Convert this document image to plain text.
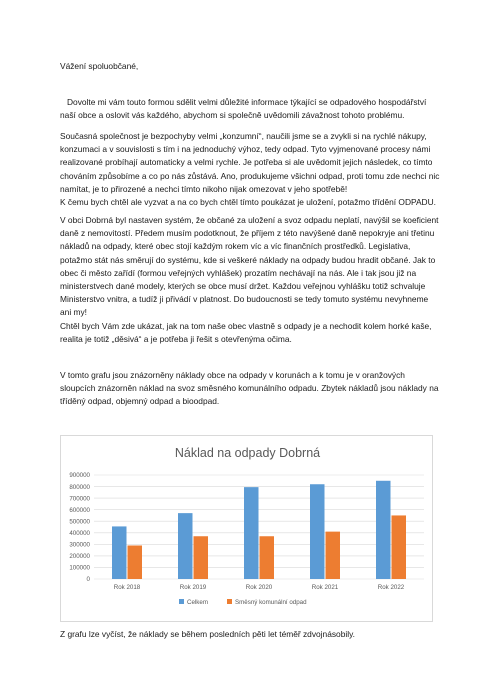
Vážení spoluobčané,

Dovolte mi vám touto formou sdělit velmi důležité informace týkající se odpadového hospodářství naší obce a oslovit vás každého, abychom si společně uvědomili závažnost tohoto problému.

Současná společnost je bezpochyby velmi „konzumní“, naučili jsme se a zvykli si na rychlé nákupy, konzumaci a v souvislosti s tím i na jednoduchý výhoz, tedy odpad. Tyto vyjmenované procesy námi realizované probíhají automaticky a velmi rychle. Je potřeba si ale uvědomit jejich následek, co tímto chováním způsobíme a co po nás zůstává. Ano, produkujeme všichni odpad, proti tomu zde nechci nic namítat, je to přirozené a nechci tímto nikoho nijak omezovat v jeho spotřebě!

K čemu bych chtěl ale vyzvat a na co bych chtěl tímto poukázat je uložení, potažmo třídění ODPADU.

V obci Dobrná byl nastaven systém, že občané za uložení a svoz odpadu neplatí, navýšil se koeficient daně z nemovitostí. Předem musím podotknout, že příjem z této navýšené daně nepokryje ani třetinu nákladů na odpady, které obec stojí každým rokem víc a víc finančních prostředků. Legislativa, potažmo stát nás směrují do systému, kde si veškeré náklady na odpady budou hradit občané. Jak to obec či město zařídí (formou veřejných vyhlášek) prozatím nechávají na nás. Ale i tak jsou již na ministerstvech dané modely, kterých se obce musí držet. Každou veřejnou vyhlášku totiž schvaluje Ministerstvo vnitra, a tudíž ji přivádí v platnost. Do budoucnosti se tedy tomuto systému nevyhneme ani my!

Chtěl bych Vám zde ukázat, jak na tom naše obec vlastně s odpady je a nechodit kolem horké kaše, realita je totiž „děsivá“ a je potřeba ji řešit s otevřenýma očima.

V tomto grafu jsou znázorněny náklady obce na odpady v korunách a k tomu je v oranžových sloupcích znázorněn náklad na svoz směsného komunálního odpadu. Zbytek nákladů jsou náklady na tříděný odpad, objemný odpad a bioodpad.

Náklad na odpady Dobrná
0
100000
200000
300000
400000
500000
600000
700000
800000
900000
Rok 2018	Rok 2019	Rok 2020	Rok 2021	Rok 2022
Celkem	Směsný komunální odpad

Z grafu lze vyčíst, že náklady se během posledních pěti let téměř zdvojnásobily.
